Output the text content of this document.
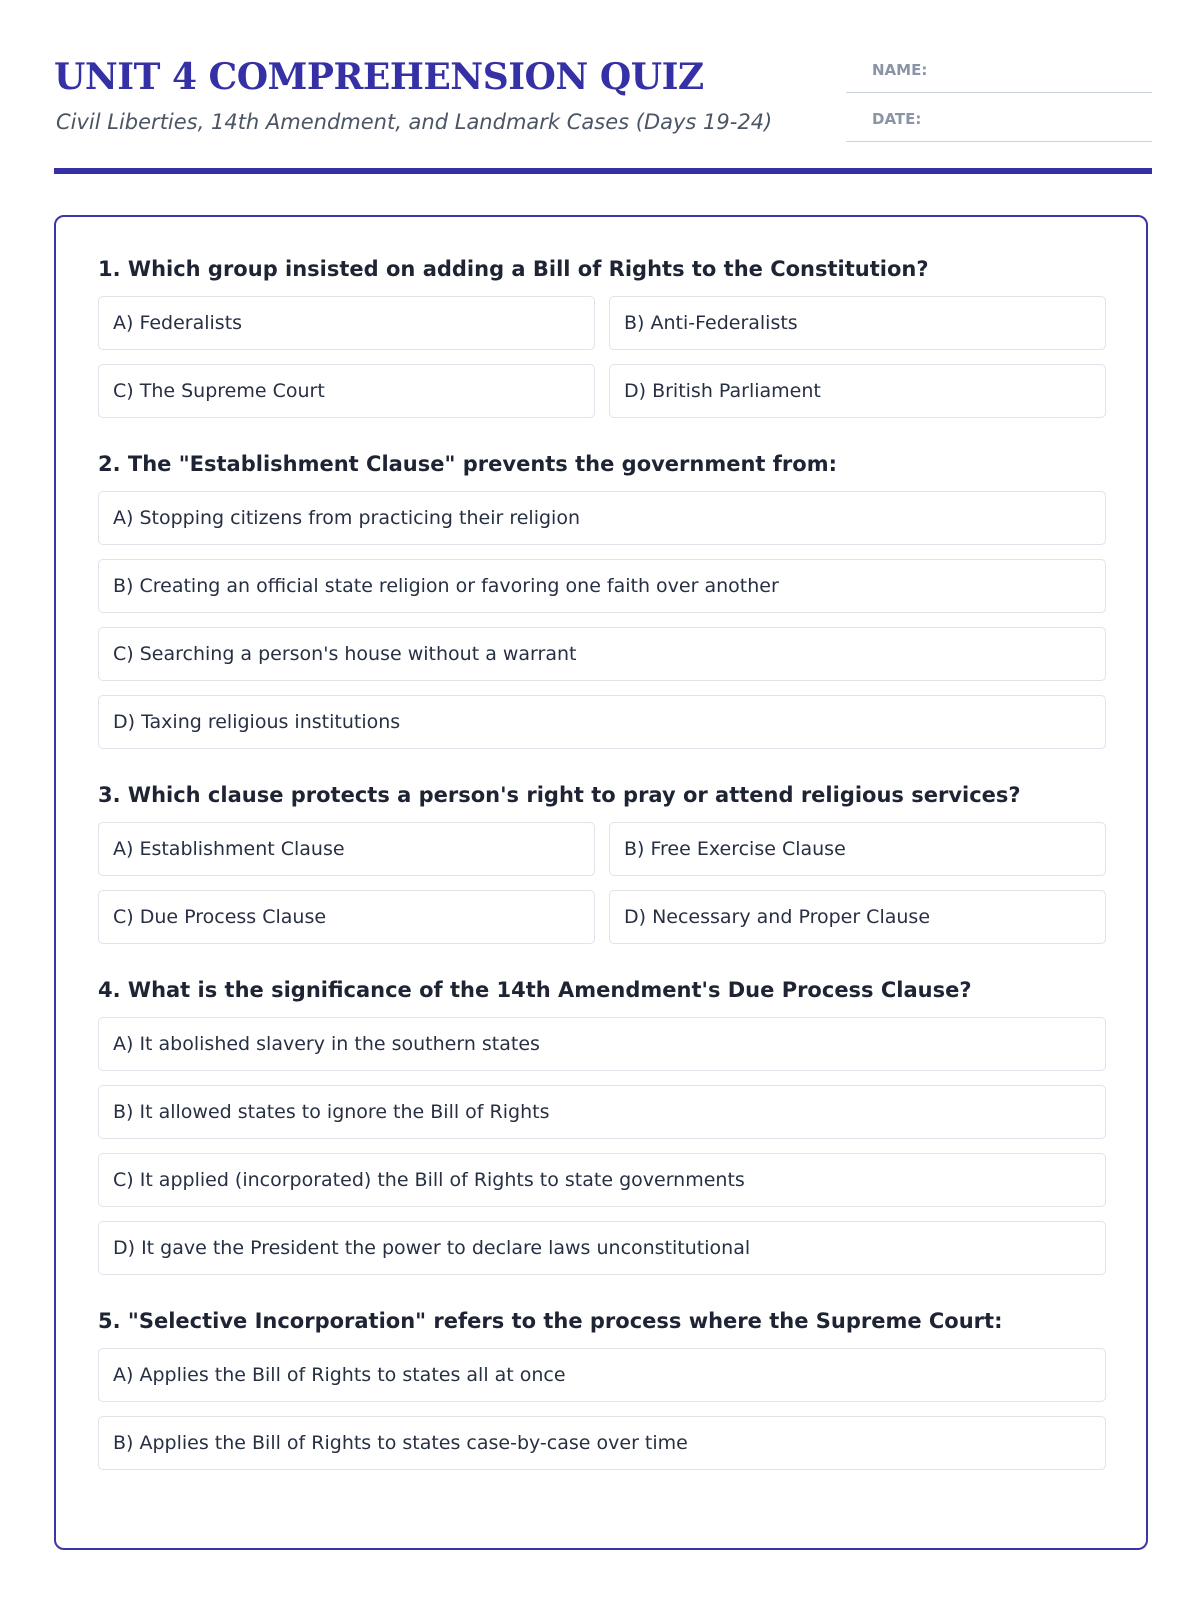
UNIT 4 COMPREHENSION QUIZ

Civil Liberties, 14th Amendment, and Landmark Cases (Days 19-24)

NAME:
DATE:

1. Which group insisted on adding a Bill of Rights to the Constitution?

A) Federalists	B) Anti-Federalists
C) The Supreme Court	D) British Parliament

2. The "Establishment Clause" prevents the government from:

A) Stopping citizens from practicing their religion
B) Creating an official state religion or favoring one faith over another
C) Searching a person's house without a warrant
D) Taxing religious institutions

3. Which clause protects a person's right to pray or attend religious services?

A) Establishment Clause	B) Free Exercise Clause
C) Due Process Clause	D) Necessary and Proper Clause

4. What is the significance of the 14th Amendment's Due Process Clause?

A) It abolished slavery in the southern states
B) It allowed states to ignore the Bill of Rights
C) It applied (incorporated) the Bill of Rights to state governments
D) It gave the President the power to declare laws unconstitutional

5. "Selective Incorporation" refers to the process where the Supreme Court:

A) Applies the Bill of Rights to states all at once
B) Applies the Bill of Rights to states case-by-case over time
